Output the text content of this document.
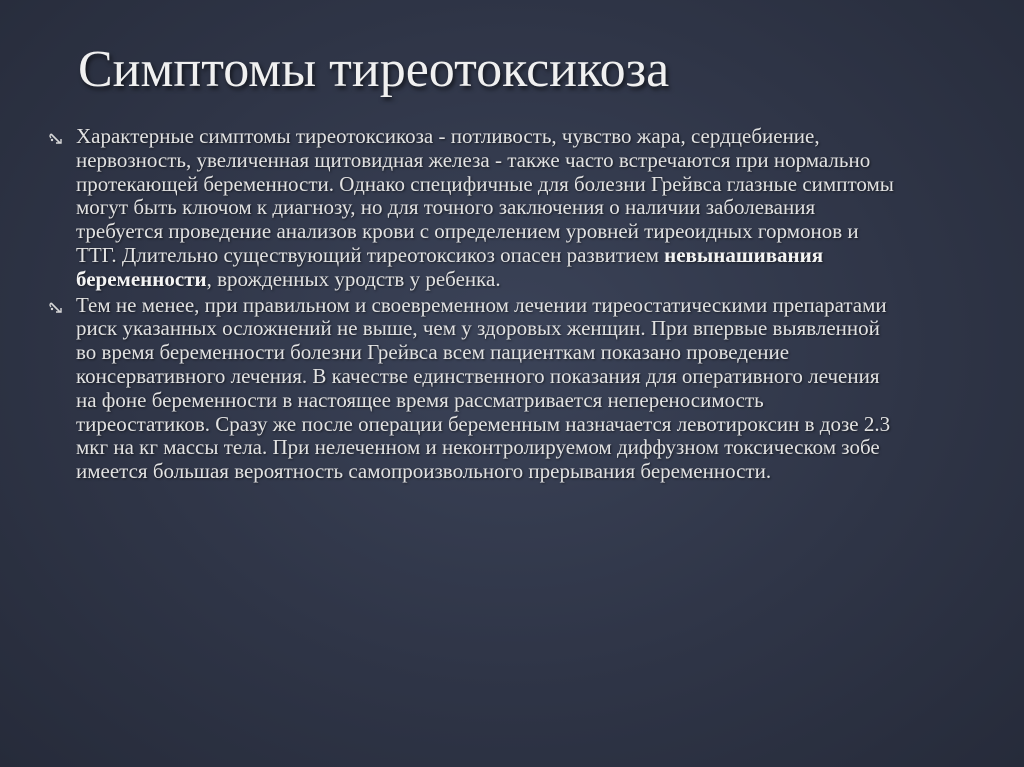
Симптомы тиреотоксикоза
Характерные симптомы тиреотоксикоза - потливость, чувство жара, сердцебиение, нервозность, увеличенная щитовидная железа - также часто встречаются при нормально протекающей беременности. Однако специфичные для болезни Грейвса глазные симптомы могут быть ключом к диагнозу, но для точного заключения о наличии заболевания требуется проведение анализов крови с определением уровней тиреоидных гормонов и ТТГ. Длительно существующий тиреотоксикоз опасен развитием невынашивания беременности, врожденных уродств у ребенка.
Тем не менее, при правильном и своевременном лечении тиреостатическими препаратами риск указанных осложнений не выше, чем у здоровых женщин. При впервые выявленной во время беременности болезни Грейвса всем пациенткам показано проведение консервативного лечения. В качестве единственного показания для оперативного лечения на фоне беременности в настоящее время рассматривается непереносимость тиреостатиков. Сразу же после операции беременным назначается левотироксин в дозе 2.3 мкг на кг массы тела. При нелеченном и неконтролируемом диффузном токсическом зобе имеется большая вероятность самопроизвольного прерывания беременности.
